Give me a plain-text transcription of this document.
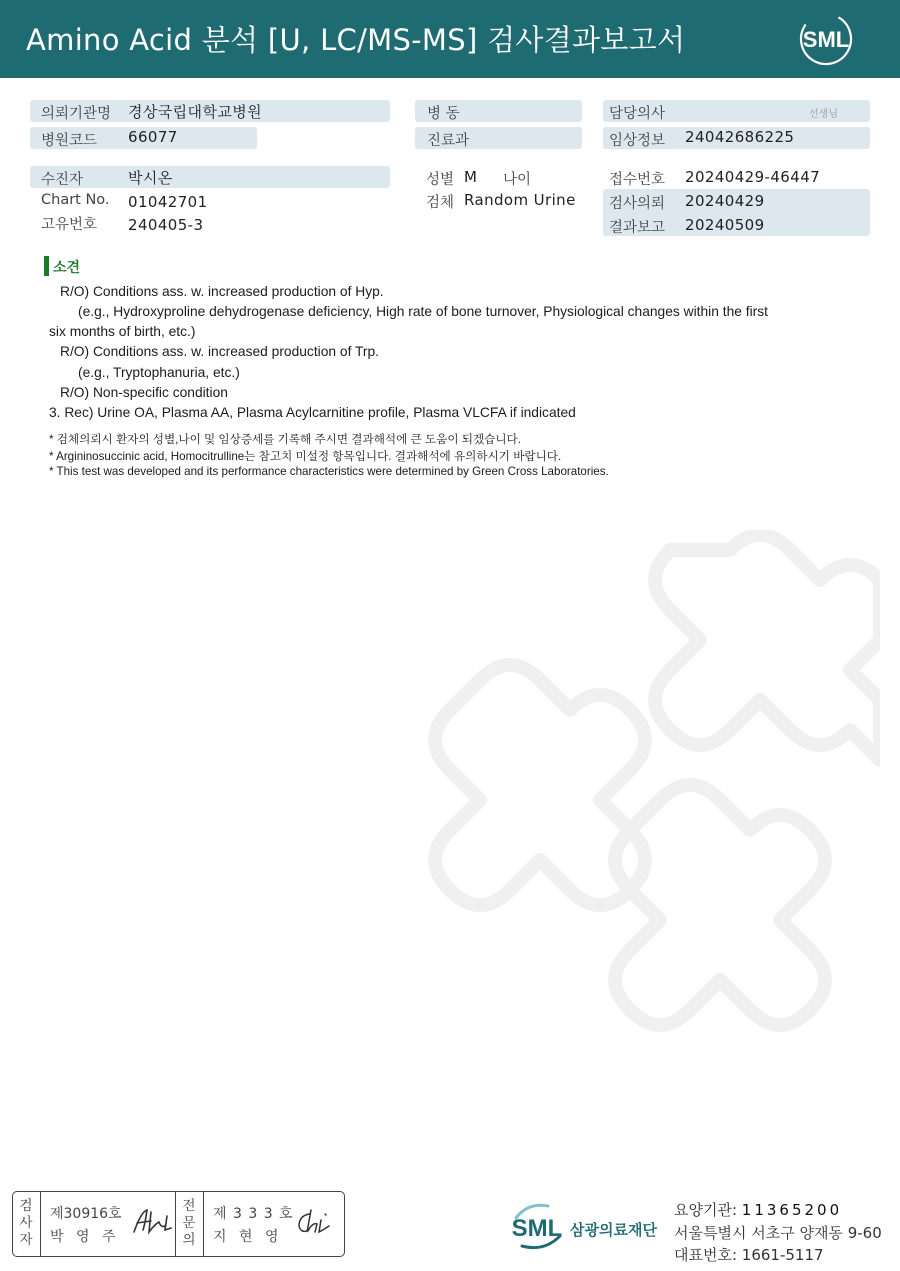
Amino Acid 분석 [U, LC/MS-MS] 검사결과보고서	SML
의뢰기관명 경상국립대학교병원
병원코드 66077
수진자	박시온
Chart No. 01042701
고유번호 240405-3
병 동
진료과
성별 M 나이
검체 Random Urine
담당의사	선생님
임상정보 24042686225
접수번호 20240429-46447
검사의뢰 20240429
결과보고 20240509
소견
R/O) Conditions ass. w. increased production of Hyp.
(e.g., Hydroxyproline dehydrogenase deficiency, High rate of bone turnover, Physiological changes within the first
six months of birth, etc.)
R/O) Conditions ass. w. increased production of Trp.
(e.g., Tryptophanuria, etc.)
R/O) Non-specific condition
3. Rec) Urine OA, Plasma AA, Plasma Acylcarnitine profile, Plasma VLCFA if indicated
* 검체의뢰시 환자의 성별,나이 및 임상증세를 기록해 주시면 결과해석에 큰 도움이 되겠습니다.
* Argininosuccinic acid, Homocitrulline는 참고치 미설정 항목입니다. 결과해석에 유의하시기 바랍니다.
* This test was developed and its performance characteristics were determined by Green Cross Laboratories.
검
사
자
제30916호
박 영 주
전
문
의
제 3 3 3 호
지 현 영	SML 삼광의료재단
요양기관: 11365200
서울특별시 서초구 양재동 9-60
대표번호: 1661-5117
